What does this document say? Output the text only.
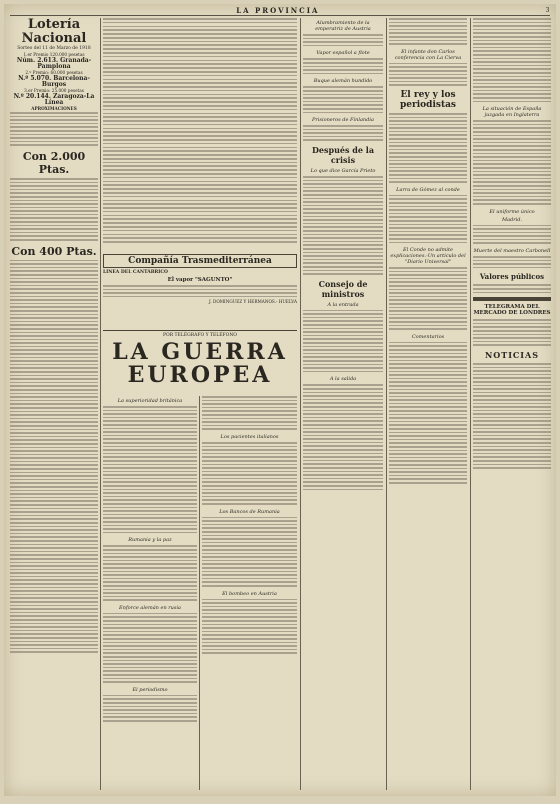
LA PROVINCIA	3
Lotería Nacional
Sorteo del 11 de Marzo de 1918
1.er Premio 120.000 pesetas
Núm. 2.613. Granada-Pamplona
2.º Premio: 60.000 pesetas
N.º 5.070. Barcelona-Burgos
3.er Premio: 25.000 pesetas
N.º 20.144. Zaragoza-La Línea
APROXIMACIONES
Con 2.000 Ptas.
Con 400 Ptas.
Compañía Trasmediterránea
LINEA DEL CANTÁBRICO
El vapor "SAGUNTO"
J. DOMINGUEZ Y HERMANOS.- HUELVA
POR TELÉGRAFO Y TELÉFONO
LA GUERRA EUROPEA
La superioridad británica
Rumania y la paz
Enforce alemán en rusia
El periodismo
Los pacientes italianos
Los Bancos de Rumania
El bombeo en Austria
Alumbramiento de la emperatriz de Austria
Vapor español a flote
Buque alemán hundido
Prisioneros de Finlandia
Después de la crisis
Lo que dice García Prieto
Consejo de ministros
A la entrada
A la salida
El infante don Carlos conferencia con La Cierva
El rey y los periodistas
Larra de Gómez al conde
El Conde no admite explicaciones.-Un artículo del "Diario Universal"
Comentarios
La situación de España juzgada en Inglaterra
El uniforme único
Madrid.
Muerte del maestro Carbonell
Valores públicos
TELEGRAMA DEL MERCADO DE LONDRES
NOTICIAS
